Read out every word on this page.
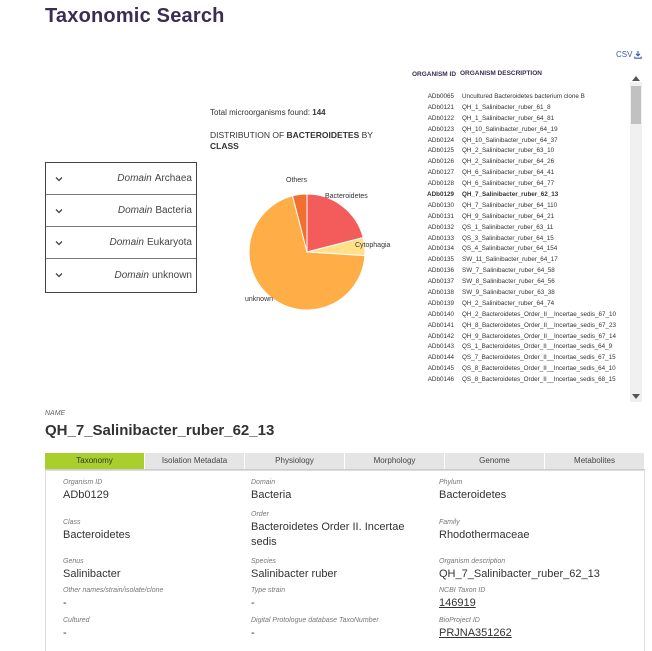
Taxonomic Search
CSV
Domain Archaea
Domain Bacteria
Domain Eukaryota
Domain unknown
Total microorganisms found: 144
DISTRIBUTION OF BACTEROIDETES BY CLASS
Bacteroidetes
Cytophagia
unknown
Others
ORGANISM ID ORGANISM DESCRIPTION
ADb0065	Uncultured Bacteroidetes bacterium clone B
ADb0121	QH_1_Salinibacter_ruber_61_8
ADb0122	QH_1_Salinibacter_ruber_64_81
ADb0123	QH_10_Salinibacter_ruber_64_19
ADb0124	QH_10_Salinibacter_ruber_64_37
ADb0125	QH_2_Salinibacter_ruber_63_10
ADb0126	QH_2_Salinibacter_ruber_64_26
ADb0127	QH_6_Salinibacter_ruber_64_41
ADb0128	QH_6_Salinibacter_ruber_64_77
ADb0129	QH_7_Salinibacter_ruber_62_13
ADb0130	QH_7_Salinibacter_ruber_64_110
ADb0131	QH_9_Salinibacter_ruber_64_21
ADb0132	QS_1_Salinibacter_ruber_63_11
ADb0133	QS_3_Salinibacter_ruber_64_15
ADb0134	QS_4_Salinibacter_ruber_64_154
ADb0135	SW_11_Salinibacter_ruber_64_17
ADb0136	SW_7_Salinibacter_ruber_64_58
ADb0137	SW_8_Salinibacter_ruber_64_56
ADb0138	SW_9_Salinibacter_ruber_63_38
ADb0139	QH_2_Salinibacter_ruber_64_74
ADb0140	QH_2_Bacteroidetes_Order_II__Incertae_sedis_67_10
ADb0141	QH_8_Bacteroidetes_Order_II__Incertae_sedis_67_23
ADb0142	QH_9_Bacteroidetes_Order_II__Incertae_sedis_67_14
ADb0143	QS_1_Bacteroidetes_Order_II__Incertae_sedis_64_9
ADb0144	QS_7_Bacteroidetes_Order_II__Incertae_sedis_67_15
ADb0145	QS_8_Bacteroidetes_Order_II__Incertae_sedis_64_10
ADb0146	QS_8_Bacteroidetes_Order_II__Incertae_sedis_68_15
NAME
QH_7_Salinibacter_ruber_62_13
Taxonomy	Isolation Metadata	Physiology	Morphology	Genome	Metabolites
Organism ID
ADb0129
Domain
Bacteria
Phylum
Bacteroidetes
Class
Bacteroidetes
Order
Bacteroidetes Order II. Incertae sedis
Family
Rhodothermaceae
Genus
Salinibacter
Species
Salinibacter ruber
Organism description
QH_7_Salinibacter_ruber_62_13
Other names/strain/isolate/clone
-
Type strain
-
NCBI Taxon ID
146919
Cultured
-
Digital Protologue database TaxoNumber
-
BioProject ID
PRJNA351262
